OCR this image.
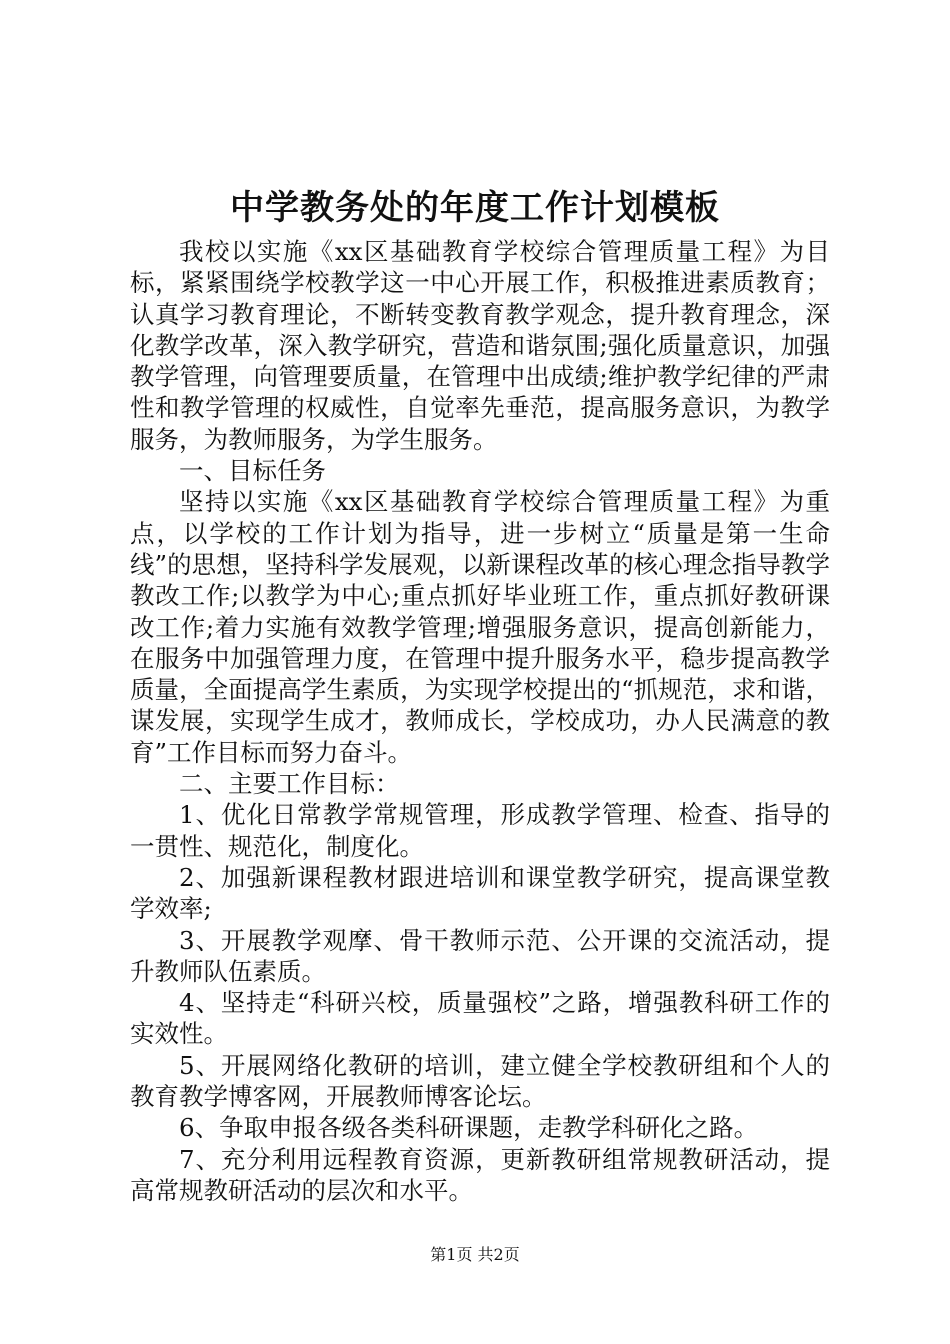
中学教务处的年度工作计划模板

我校以实施《xx区基础教育学校综合管理质量工程》为目标，紧紧围绕学校教学这一中心开展工作，积极推进素质教育；认真学习教育理论，不断转变教育教学观念，提升教育理念，深化教学改革，深入教学研究，营造和谐氛围;强化质量意识，加强教学管理，向管理要质量，在管理中出成绩;维护教学纪律的严肃性和教学管理的权威性，自觉率先垂范，提高服务意识，为教学服务，为教师服务，为学生服务。

一、目标任务

坚持以实施《xx区基础教育学校综合管理质量工程》为重点，以学校的工作计划为指导，进一步树立“质量是第一生命线”的思想，坚持科学发展观，以新课程改革的核心理念指导教学教改工作;以教学为中心;重点抓好毕业班工作，重点抓好教研课改工作;着力实施有效教学管理;增强服务意识，提高创新能力，在服务中加强管理力度，在管理中提升服务水平，稳步提高教学质量，全面提高学生素质，为实现学校提出的“抓规范，求和谐，谋发展，实现学生成才，教师成长，学校成功，办人民满意的教育”工作目标而努力奋斗。

二、主要工作目标：

1、优化日常教学常规管理，形成教学管理、检查、指导的一贯性、规范化，制度化。

2、加强新课程教材跟进培训和课堂教学研究，提高课堂教学效率;

3、开展教学观摩、骨干教师示范、公开课的交流活动，提升教师队伍素质。

4、坚持走“科研兴校，质量强校”之路，增强教科研工作的实效性。

5、开展网络化教研的培训，建立健全学校教研组和个人的教育教学博客网，开展教师博客论坛。

6、争取申报各级各类科研课题，走教学科研化之路。

7、充分利用远程教育资源，更新教研组常规教研活动，提高常规教研活动的层次和水平。

第1页 共2页
